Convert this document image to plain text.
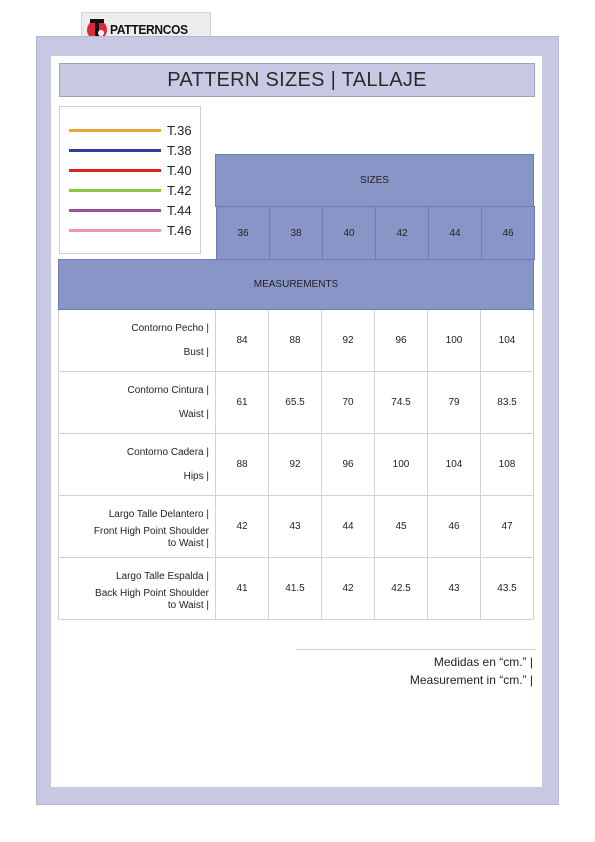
PATTERNCOS
PATTERN SIZES | TALLAJE
T.36
T.38
T.40
T.42
T.44
T.46
SIZES
36	38	40	42	44	46
MEASUREMENTS
Contorno Pecho |
Bust |
84	88	92	96	100	104
Contorno Cintura |
Waist |
61	65.5	70	74.5	79	83.5
Contorno Cadera |
Hips |
88	92	96	100	104	108
Largo Talle Delantero |
Front High Point Shoulder
to Waist |
42	43	44	45	46	47
Largo Talle Espalda |
Back High Point Shoulder
to Waist |
41	41.5	42	42.5	43	43.5
Medidas en “cm.” |
Measurement in “cm.” |
